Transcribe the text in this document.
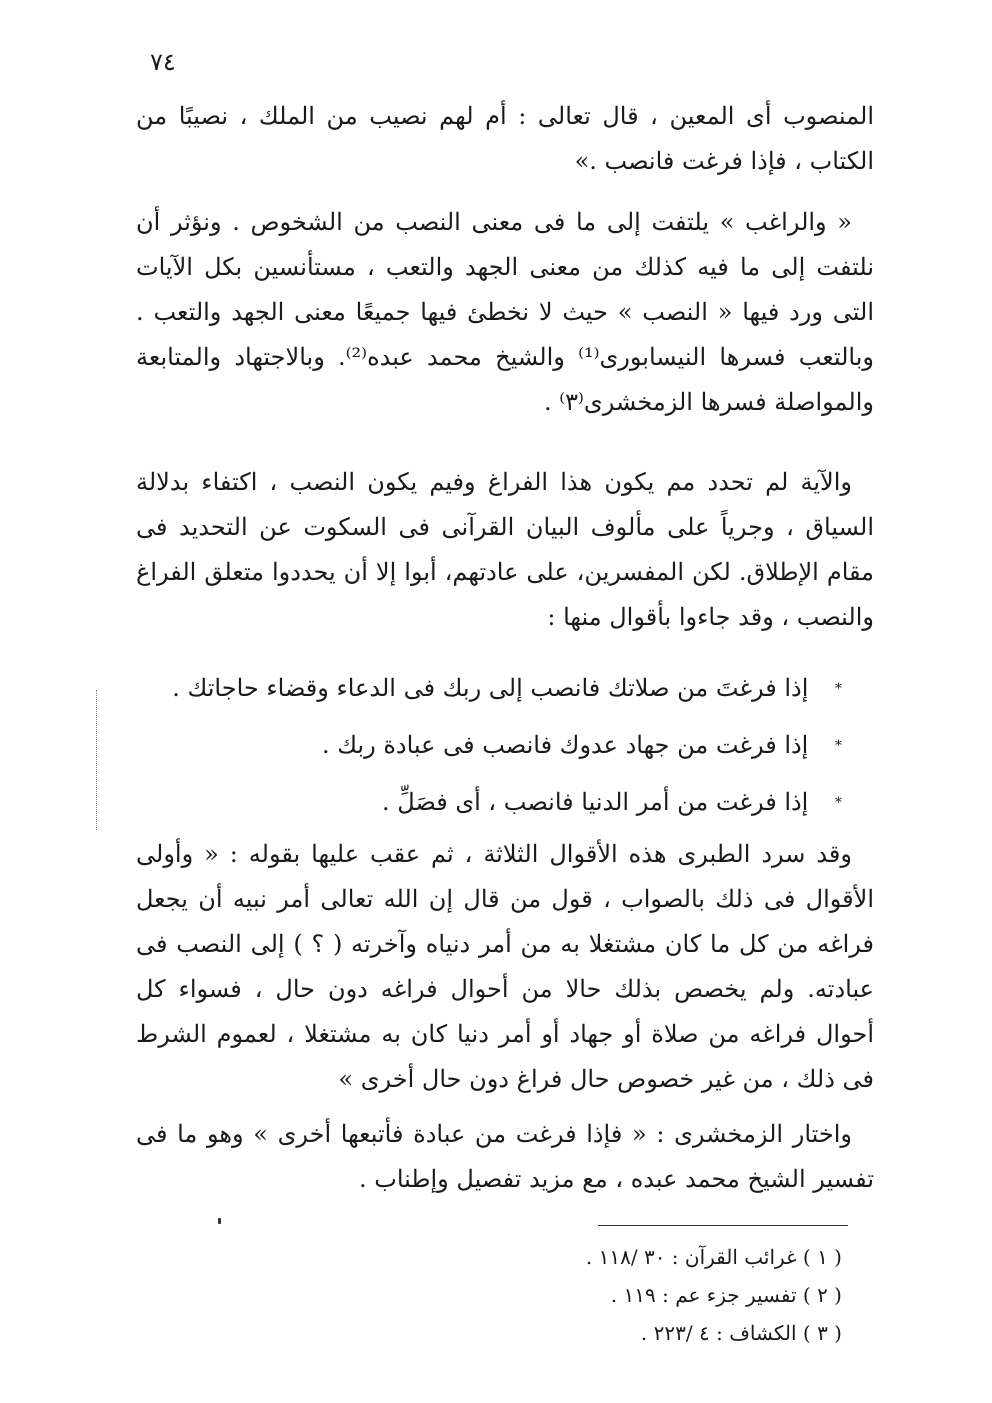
٧٤

المنصوب أى المعين ، قال تعالى : أم لهم نصيب من الملك ، نصيبًا من الكتاب ، فإذا فرغت فانصب .»

« والراغب » يلتفت إلى ما فى معنى النصب من الشخوص . ونؤثر أن نلتفت إلى ما فيه كذلك من معنى الجهد والتعب ، مستأنسين بكل الآيات التى ورد فيها « النصب » حيث لا نخطئ فيها جميعًا معنى الجهد والتعب . وبالتعب فسرها النيسابورى⁽¹⁾ والشيخ محمد عبده⁽²⁾. وبالاجتهاد والمتابعة والمواصلة فسرها الزمخشرى⁽٣⁾ .

والآية لم تحدد مم يكون هذا الفراغ وفيم يكون النصب ، اكتفاء بدلالة السياق ، وجرياً على مألوف البيان القرآنى فى السكوت عن التحديد فى مقام الإطلاق. لكن المفسرين، على عادتهم، أبوا إلا أن يحددوا متعلق الفراغ والنصب ، وقد جاءوا بأقوال منها :

* إذا فرغتَ من صلاتك فانصب إلى ربك فى الدعاء وقضاء حاجاتك .
* إذا فرغت من جهاد عدوك فانصب فى عبادة ربك .
* إذا فرغت من أمر الدنيا فانصب ، أى فصَلِّ .

وقد سرد الطبرى هذه الأقوال الثلاثة ، ثم عقب عليها بقوله : « وأولى الأقوال فى ذلك بالصواب ، قول من قال إن الله تعالى أمر نبيه أن يجعل فراغه من كل ما كان مشتغلا به من أمر دنياه وآخرته ( ؟ ) إلى النصب فى عبادته. ولم يخصص بذلك حالا من أحوال فراغه دون حال ، فسواء كل أحوال فراغه من صلاة أو جهاد أو أمر دنيا كان به مشتغلا ، لعموم الشرط فى ذلك ، من غير خصوص حال فراغ دون حال أخرى »

واختار الزمخشرى : « فإذا فرغت من عبادة فأتبعها أخرى » وهو ما فى تفسير الشيخ محمد عبده ، مع مزيد تفصيل وإطناب .

( ١ ) غرائب القرآن : ٣٠ /١١٨ .
( ٢ ) تفسير جزء عم : ١١٩ .
( ٣ ) الكشاف : ٤ /٢٢٣ .
